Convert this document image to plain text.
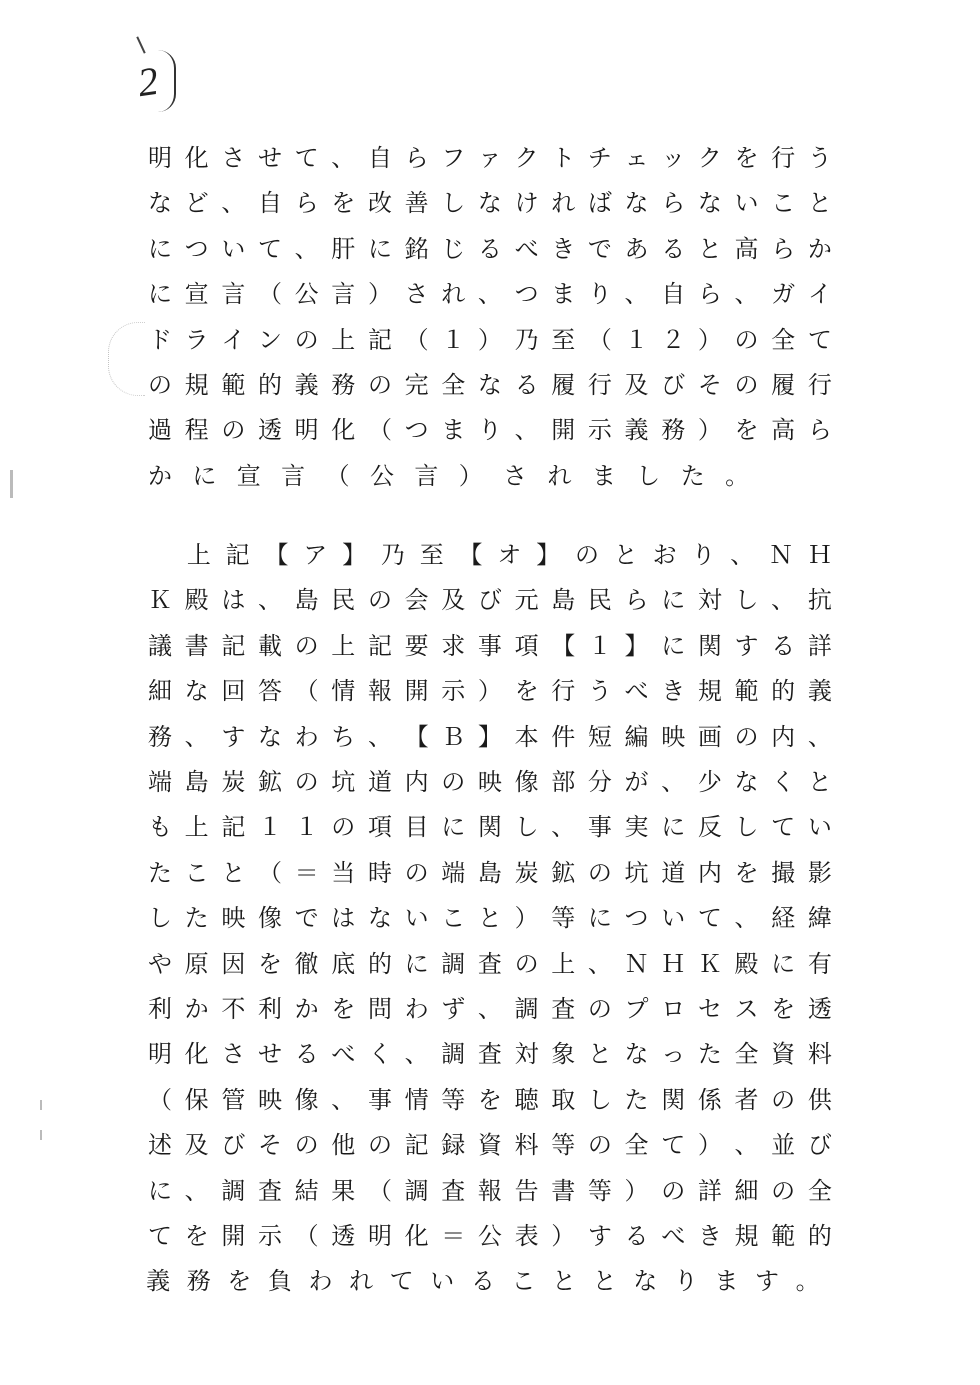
2
明 化 さ せ て 、 自 ら フ ァ ク ト チ ェ ッ ク を 行 う
な ど 、 自 ら を 改 善 し な け れ ば な ら な い こ と
に つ い て 、 肝 に 銘 じ る べ き で あ る と 高 ら か
に 宣 言 （ 公 言 ） さ れ 、 つ ま り 、 自 ら 、 ガ イ
ド ラ イ ン の 上 記 （ １ ） 乃 至 （ １ ２ ） の 全 て
の 規 範 的 義 務 の 完 全 な る 履 行 及 び そ の 履 行
過 程 の 透 明 化 （ つ ま り 、 開 示 義 務 ） を 高 ら
か に 宣 言 （ 公 言 ） さ れ ま し た 。

上 記 【 ア 】 乃 至 【 オ 】 の と お り 、 Ｎ Ｈ
Ｋ 殿 は 、 島 民 の 会 及 び 元 島 民 ら に 対 し 、 抗
議 書 記 載 の 上 記 要 求 事 項 【 １ 】 に 関 す る 詳
細 な 回 答 （ 情 報 開 示 ） を 行 う べ き 規 範 的 義
務 、 す な わ ち 、 【 Ｂ 】 本 件 短 編 映 画 の 内 、
端 島 炭 鉱 の 坑 道 内 の 映 像 部 分 が 、 少 な く と
も 上 記 １ １ の 項 目 に 関 し 、 事 実 に 反 し て い
た こ と （ ＝ 当 時 の 端 島 炭 鉱 の 坑 道 内 を 撮 影
し た 映 像 で は な い こ と ） 等 に つ い て 、 経 緯
や 原 因 を 徹 底 的 に 調 査 の 上 、 Ｎ Ｈ Ｋ 殿 に 有
利 か 不 利 か を 問 わ ず 、 調 査 の プ ロ セ ス を 透
明 化 さ せ る べ く 、 調 査 対 象 と な っ た 全 資 料
（ 保 管 映 像 、 事 情 等 を 聴 取 し た 関 係 者 の 供
述 及 び そ の 他 の 記 録 資 料 等 の 全 て ） 、 並 び
に 、 調 査 結 果 （ 調 査 報 告 書 等 ） の 詳 細 の 全
て を 開 示 （ 透 明 化 ＝ 公 表 ） す る べ き 規 範 的
義 務 を 負 わ れ て い る こ と と な り ま す 。
